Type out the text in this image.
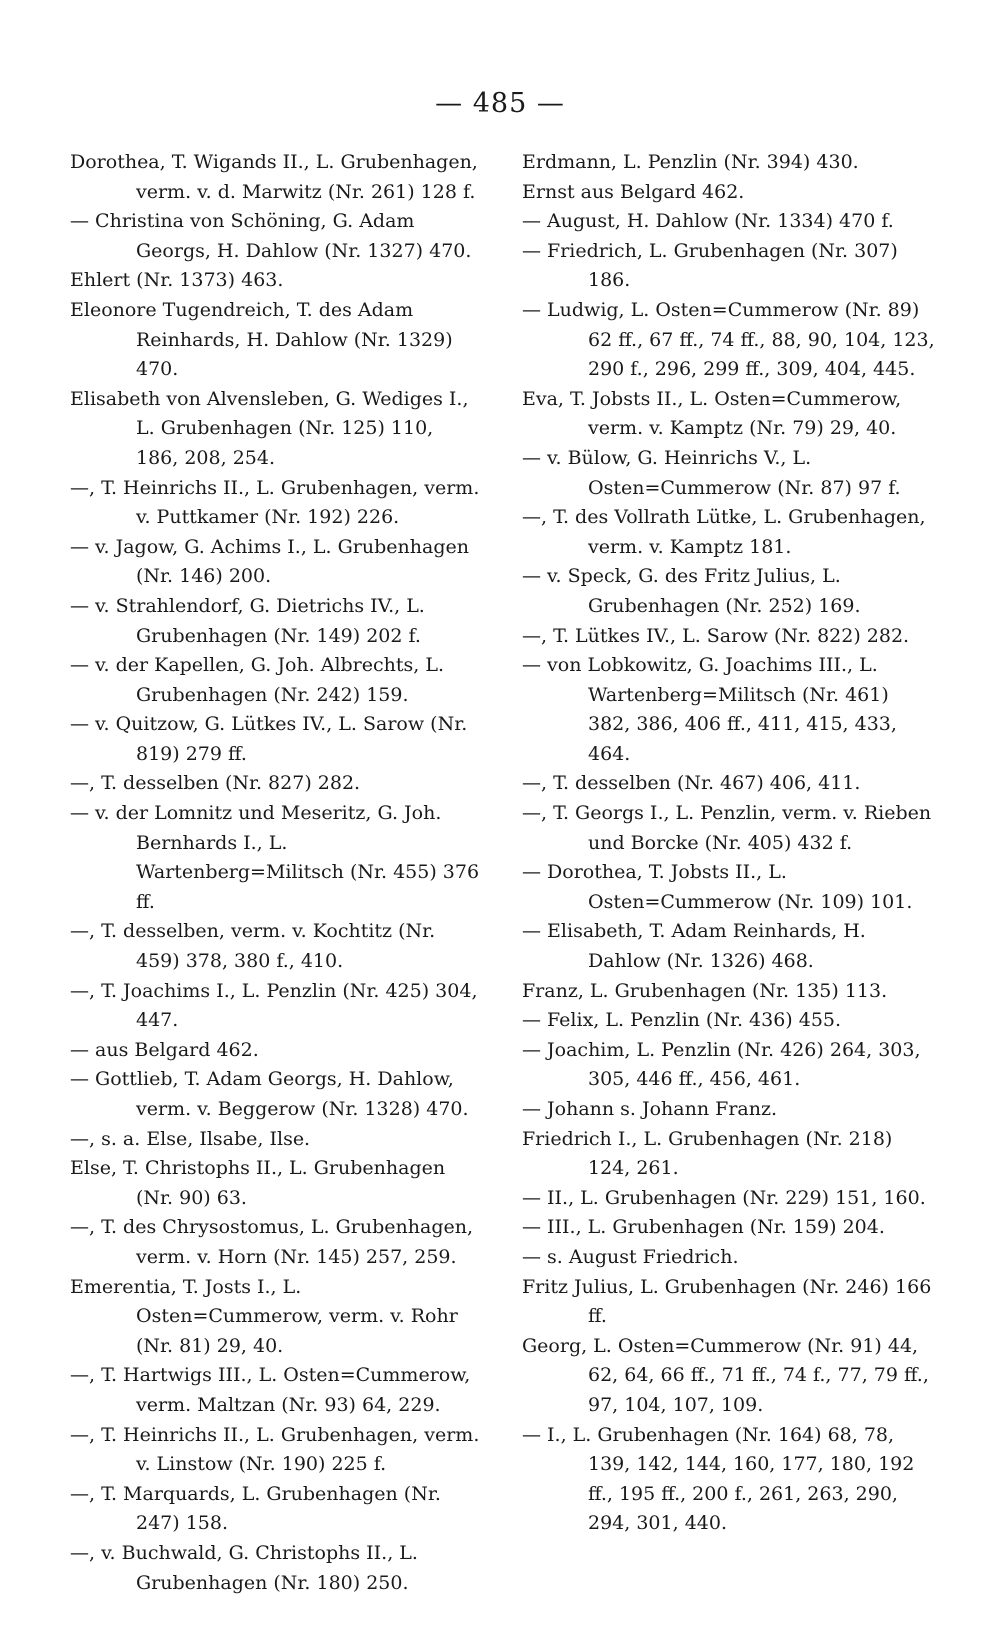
— 485 —

Dorothea, T. Wigands II., L. Grubenhagen, verm. v. d. Marwitz (Nr. 261) 128 f.

— Christina von Schöning, G. Adam Georgs, H. Dahlow (Nr. 1327) 470.

Ehlert (Nr. 1373) 463.

Eleonore Tugendreich, T. des Adam Reinhards, H. Dahlow (Nr. 1329) 470.

Elisabeth von Alvensleben, G. Wediges I., L. Grubenhagen (Nr. 125) 110, 186, 208, 254.

—, T. Heinrichs II., L. Grubenhagen, verm. v. Puttkamer (Nr. 192) 226.

— v. Jagow, G. Achims I., L. Grubenhagen (Nr. 146) 200.

— v. Strahlendorf, G. Dietrichs IV., L. Grubenhagen (Nr. 149) 202 f.

— v. der Kapellen, G. Joh. Albrechts, L. Grubenhagen (Nr. 242) 159.

— v. Quitzow, G. Lütkes IV., L. Sarow (Nr. 819) 279 ff.

—, T. desselben (Nr. 827) 282.

— v. der Lomnitz und Meseritz, G. Joh. Bernhards I., L. Wartenberg=Militsch (Nr. 455) 376 ff.

—, T. desselben, verm. v. Kochtitz (Nr. 459) 378, 380 f., 410.

—, T. Joachims I., L. Penzlin (Nr. 425) 304, 447.

— aus Belgard 462.

— Gottlieb, T. Adam Georgs, H. Dahlow, verm. v. Beggerow (Nr. 1328) 470.

—, s. a. Else, Ilsabe, Ilse.

Else, T. Christophs II., L. Grubenhagen (Nr. 90) 63.

—, T. des Chrysostomus, L. Grubenhagen, verm. v. Horn (Nr. 145) 257, 259.

Emerentia, T. Josts I., L. Osten=Cummerow, verm. v. Rohr (Nr. 81) 29, 40.

—, T. Hartwigs III., L. Osten=Cummerow, verm. Maltzan (Nr. 93) 64, 229.

—, T. Heinrichs II., L. Grubenhagen, verm. v. Linstow (Nr. 190) 225 f.

—, T. Marquards, L. Grubenhagen (Nr. 247) 158.

—, v. Buchwald, G. Christophs II., L. Grubenhagen (Nr. 180) 250.

Erdmann, L. Penzlin (Nr. 394) 430.

Ernst aus Belgard 462.

— August, H. Dahlow (Nr. 1334) 470 f.

— Friedrich, L. Grubenhagen (Nr. 307) 186.

— Ludwig, L. Osten=Cummerow (Nr. 89) 62 ff., 67 ff., 74 ff., 88, 90, 104, 123, 290 f., 296, 299 ff., 309, 404, 445.

Eva, T. Jobsts II., L. Osten=Cummerow, verm. v. Kamptz (Nr. 79) 29, 40.

— v. Bülow, G. Heinrichs V., L. Osten=Cummerow (Nr. 87) 97 f.

—, T. des Vollrath Lütke, L. Grubenhagen, verm. v. Kamptz 181.

— v. Speck, G. des Fritz Julius, L. Grubenhagen (Nr. 252) 169.

—, T. Lütkes IV., L. Sarow (Nr. 822) 282.

— von Lobkowitz, G. Joachims III., L. Wartenberg=Militsch (Nr. 461) 382, 386, 406 ff., 411, 415, 433, 464.

—, T. desselben (Nr. 467) 406, 411.

—, T. Georgs I., L. Penzlin, verm. v. Rieben und Borcke (Nr. 405) 432 f.

— Dorothea, T. Jobsts II., L. Osten=Cummerow (Nr. 109) 101.

— Elisabeth, T. Adam Reinhards, H. Dahlow (Nr. 1326) 468.

Franz, L. Grubenhagen (Nr. 135) 113.

— Felix, L. Penzlin (Nr. 436) 455.

— Joachim, L. Penzlin (Nr. 426) 264, 303, 305, 446 ff., 456, 461.

— Johann s. Johann Franz.

Friedrich I., L. Grubenhagen (Nr. 218) 124, 261.

— II., L. Grubenhagen (Nr. 229) 151, 160.

— III., L. Grubenhagen (Nr. 159) 204.

— s. August Friedrich.

Fritz Julius, L. Grubenhagen (Nr. 246) 166 ff.

Georg, L. Osten=Cummerow (Nr. 91) 44, 62, 64, 66 ff., 71 ff., 74 f., 77, 79 ff., 97, 104, 107, 109.

— I., L. Grubenhagen (Nr. 164) 68, 78, 139, 142, 144, 160, 177, 180, 192 ff., 195 ff., 200 f., 261, 263, 290, 294, 301, 440.
